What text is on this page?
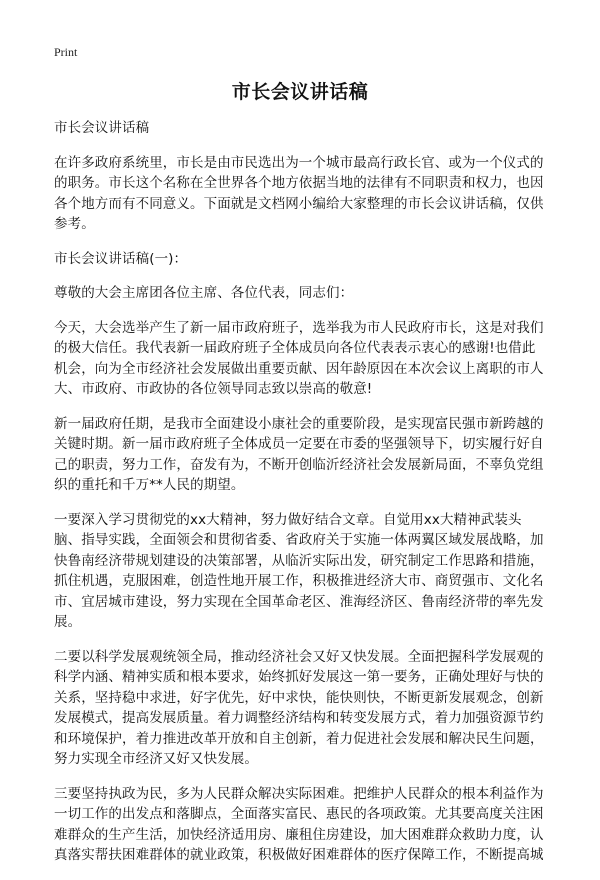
Print
市长会议讲话稿

市长会议讲话稿

在许多政府系统里，市长是由市民选出为一个城市最高行政长官、或为一个仪式的的职务。市长这个名称在全世界各个地方依据当地的法律有不同职责和权力，也因各个地方而有不同意义。下面就是文档网小编给大家整理的市长会议讲话稿，仅供参考。

市长会议讲话稿(一)：

尊敬的大会主席团各位主席、各位代表，同志们：

今天，大会选举产生了新一届市政府班子，选举我为市人民政府市长，这是对我们的极大信任。我代表新一届政府班子全体成员向各位代表表示衷心的感谢!也借此机会，向为全市经济社会发展做出重要贡献、因年龄原因在本次会议上离职的市人大、市政府、市政协的各位领导同志致以崇高的敬意!

新一届政府任期，是我市全面建设小康社会的重要阶段，是实现富民强市新跨越的关键时期。新一届市政府班子全体成员一定要在市委的坚强领导下，切实履行好自己的职责，努力工作，奋发有为，不断开创临沂经济社会发展新局面，不辜负党组织的重托和千万**人民的期望。

一要深入学习贯彻党的xx大精神，努力做好结合文章。自觉用xx大精神武装头脑、指导实践，全面领会和贯彻省委、省政府关于实施一体两翼区域发展战略，加快鲁南经济带规划建设的决策部署，从临沂实际出发，研究制定工作思路和措施，抓住机遇，克服困难，创造性地开展工作，积极推进经济大市、商贸强市、文化名市、宜居城市建设，努力实现在全国革命老区、淮海经济区、鲁南经济带的率先发展。

二要以科学发展观统领全局，推动经济社会又好又快发展。全面把握科学发展观的科学内涵、精神实质和根本要求，始终抓好发展这一第一要务，正确处理好与快的关系，坚持稳中求进，好字优先，好中求快，能快则快，不断更新发展观念，创新发展模式，提高发展质量。着力调整经济结构和转变发展方式，着力加强资源节约和环境保护，着力推进改革开放和自主创新，着力促进社会发展和解决民生问题，努力实现全市经济又好又快发展。

三要坚持执政为民，多为人民群众解决实际困难。把维护人民群众的根本利益作为一切工作的出发点和落脚点，全面落实富民、惠民的各项政策。尤其要高度关注困难群众的生产生活，加快经济适用房、廉租住房建设，加大困难群众救助力度，认真落实帮扶困难群体的就业政策，积极做好困难群体的医疗保障工作，不断提高城
